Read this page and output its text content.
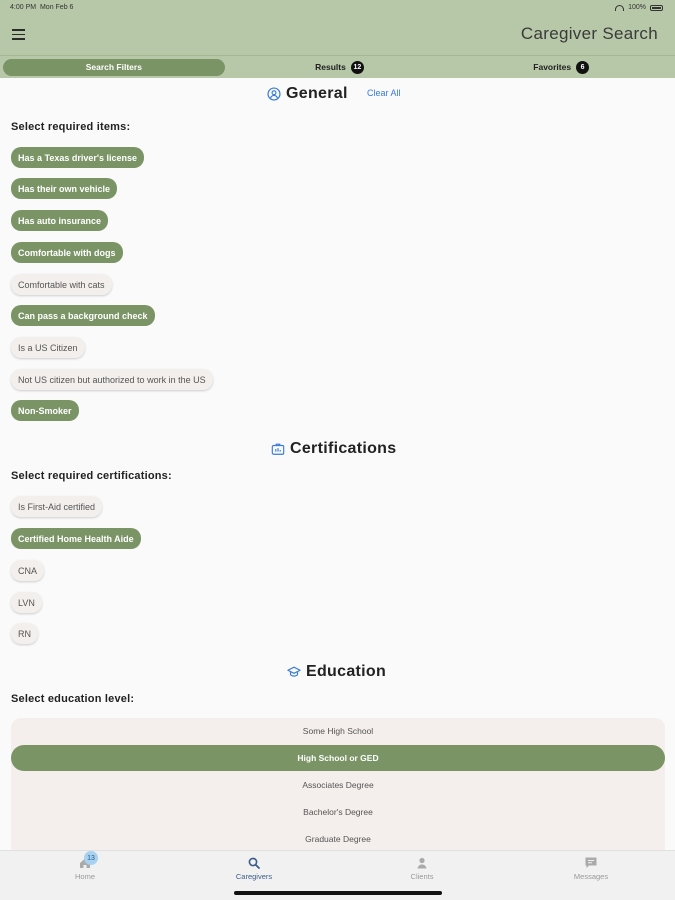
4:00 PM Mon Feb 6	100%
Caregiver Search
Search Filters	Results	12	Favorites	6
General Clear All
Select required items:
Has a Texas driver's license
Has their own vehicle
Has auto insurance
Comfortable with dogs
Comfortable with cats
Can pass a background check
Is a US Citizen
Not US citizen but authorized to work in the US
Non-Smoker
Certifications
Select required certifications:
Is First-Aid certified
Certified Home Health Aide
CNA
LVN
RN
Education
Select education level:
Some High School
High School or GED
Associates Degree
Bachelor's Degree
Graduate Degree
13
Home	Caregivers	Clients	Messages
